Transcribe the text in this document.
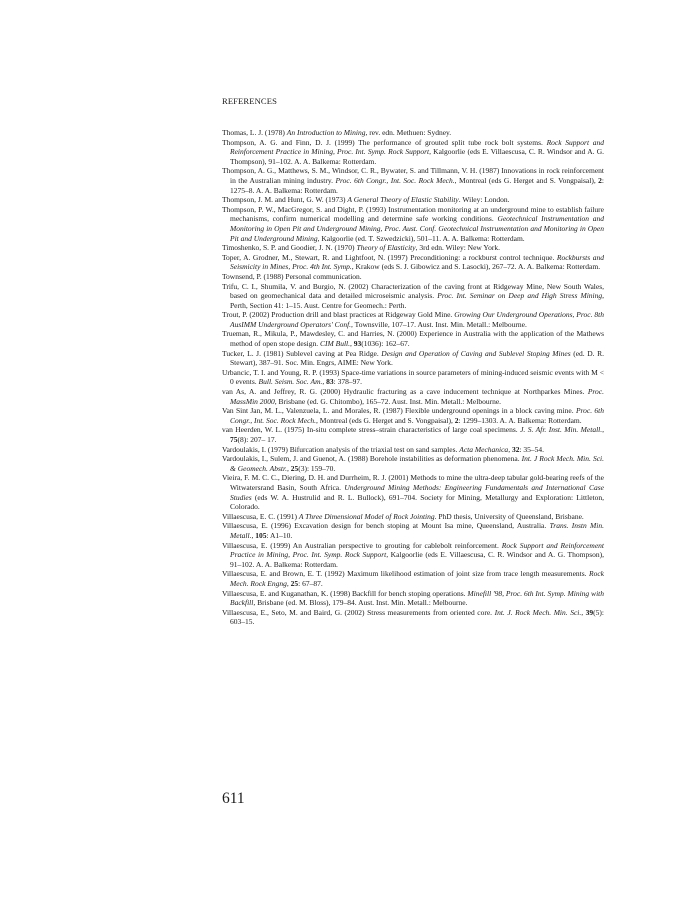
REFERENCES

Thomas, L. J. (1978) An Introduction to Mining, rev. edn. Methuen: Sydney.

Thompson, A. G. and Finn, D. J. (1999) The performance of grouted split tube rock bolt systems. Rock Support and Reinforcement Practice in Mining, Proc. Int. Symp. Rock Support, Kalgoorlie (eds E. Villaescusa, C. R. Windsor and A. G. Thompson), 91–102. A. A. Balkema: Rotterdam.

Thompson, A. G., Matthews, S. M., Windsor, C. R., Bywater, S. and Tillmann, V. H. (1987) Innovations in rock reinforcement in the Australian mining industry. Proc. 6th Congr., Int. Soc. Rock Mech., Montreal (eds G. Herget and S. Vongpaisal), 2: 1275–8. A. A. Balkema: Rotterdam.

Thompson, J. M. and Hunt, G. W. (1973) A General Theory of Elastic Stability. Wiley: London.

Thompson, P. W., MacGregor, S. and Dight, P. (1993) Instrumentation monitoring at an underground mine to establish failure mechanisms, confirm numerical modelling and determine safe working conditions. Geotechnical Instrumentation and Monitoring in Open Pit and Underground Mining, Proc. Aust. Conf. Geotechnical Instrumentation and Monitoring in Open Pit and Underground Mining, Kalgoorlie (ed. T. Szwedzicki), 501–11. A. A. Balkema: Rotterdam.

Timoshenko, S. P. and Goodier, J. N. (1970) Theory of Elasticity, 3rd edn. Wiley: New York.

Toper, A. Grodner, M., Stewart, R. and Lightfoot, N. (1997) Preconditioning: a rockburst control technique. Rockbursts and Seismicity in Mines, Proc. 4th Int. Symp., Krakow (eds S. J. Gibowicz and S. Lasocki), 267–72. A. A. Balkema: Rotterdam.

Townsend, P. (1988) Personal communication.

Trifu, C. I., Shumila, V. and Burgio, N. (2002) Characterization of the caving front at Ridgeway Mine, New South Wales, based on geomechanical data and detailed microseismic analysis. Proc. Int. Seminar on Deep and High Stress Mining, Perth, Section 41: 1–15. Aust. Centre for Geomech.: Perth.

Trout, P. (2002) Production drill and blast practices at Ridgeway Gold Mine. Growing Our Underground Operations, Proc. 8th AusIMM Underground Operators' Conf., Townsville, 107–17. Aust. Inst. Min. Metall.: Melbourne.

Trueman, R., Mikula, P., Mawdesley, C. and Harries, N. (2000) Experience in Australia with the application of the Mathews method of open stope design. CIM Bull., 93(1036): 162–67.

Tucker, L. J. (1981) Sublevel caving at Pea Ridge. Design and Operation of Caving and Sublevel Stoping Mines (ed. D. R. Stewart), 387–91. Soc. Min. Engrs, AIME: New York.

Urbancic, T. I. and Young, R. P. (1993) Space-time variations in source parameters of mining-induced seismic events with M < 0 events. Bull. Seism. Soc. Am., 83: 378–97.

van As, A. and Jeffrey, R. G. (2000) Hydraulic fracturing as a cave inducement technique at Northparkes Mines. Proc. MassMin 2000, Brisbane (ed. G. Chitombo), 165–72. Aust. Inst. Min. Metall.: Melbourne.

Van Sint Jan, M. L., Valenzuela, L. and Morales, R. (1987) Flexible underground openings in a block caving mine. Proc. 6th Congr., Int. Soc. Rock Mech., Montreal (eds G. Herget and S. Vongpaisal), 2: 1299–1303. A. A. Balkema: Rotterdam.

van Heerden, W. L. (1975) In-situ complete stress–strain characteristics of large coal specimens. J. S. Afr. Inst. Min. Metall., 75(8): 207– 17.

Vardoulakis, I. (1979) Bifurcation analysis of the triaxial test on sand samples. Acta Mechanica, 32: 35–54.

Vardoulakis, I., Sulem, J. and Guenot, A. (1988) Borehole instabilities as deformation phenomena. Int. J Rock Mech. Min. Sci. & Geomech. Abstr., 25(3): 159–70.

Vieira, F. M. C. C., Diering, D. H. and Durrheim, R. J. (2001) Methods to mine the ultra-deep tabular gold-bearing reefs of the Witwatersrand Basin, South Africa. Underground Mining Methods: Engineering Fundamentals and International Case Studies (eds W. A. Hustrulid and R. L. Bullock), 691–704. Society for Mining, Metallurgy and Exploration: Littleton, Colorado.

Villaescusa, E. C. (1991) A Three Dimensional Model of Rock Jointing. PhD thesis, University of Queensland, Brisbane.

Villaescusa, E. (1996) Excavation design for bench stoping at Mount Isa mine, Queensland, Australia. Trans. Instn Min. Metall., 105: A1–10.

Villaescusa, E. (1999) An Australian perspective to grouting for cablebolt reinforcement. Rock Support and Reinforcement Practice in Mining, Proc. Int. Symp. Rock Support, Kalgoorlie (eds E. Villaescusa, C. R. Windsor and A. G. Thompson), 91–102. A. A. Balkema: Rotterdam.

Villaescusa, E. and Brown, E. T. (1992) Maximum likelihood estimation of joint size from trace length measurements. Rock Mech. Rock Engng, 25: 67–87.

Villaescusa, E. and Kuganathan, K. (1998) Backfill for bench stoping operations. Minefill '98, Proc. 6th Int. Symp. Mining with Backfill, Brisbane (ed. M. Bloss), 179–84. Aust. Inst. Min. Metall.: Melbourne.

Villaescusa, E., Seto, M. and Baird, G. (2002) Stress measurements from oriented core. Int. J. Rock Mech. Min. Sci., 39(5): 603–15.

611
